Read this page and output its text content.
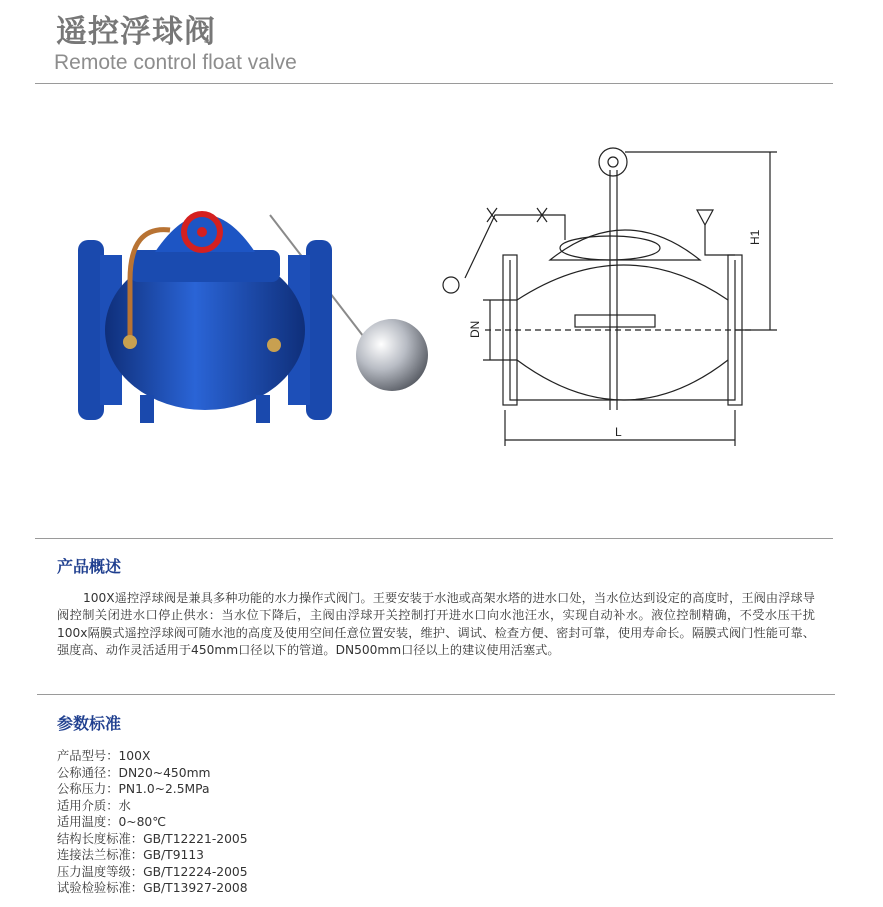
遥控浮球阀
Remote control float valve
H1
DN
L
产品概述

100X遥控浮球阀是兼具多种功能的水力操作式阀门。王要安装于水池或高架水塔的进水口处，当水位达到设定的高度时，王阀由浮球导阀控制关闭进水口停止供水：当水位下降后，主阀由浮球开关控制打开进水口向水池汪水，实现自动补水。液位控制精确，不受水压干扰100x隔膜式遥控浮球阀可随水池的高度及使用空间任意位置安装，维护、调试、检查方便、密封可靠，使用寿命长。隔膜式阀门性能可靠、强度高、动作灵活适用于450mm口径以下的管道。DN500mm口径以上的建议使用活塞式。

参数标准
产品型号：100X
公称通径：DN20~450mm
公称压力：PN1.0~2.5MPa
适用介质：水
适用温度：0~80℃
结构长度标准：GB/T12221-2005
连接法兰标准：GB/T9113
压力温度等级：GB/T12224-2005
试验检验标准：GB/T13927-2008
